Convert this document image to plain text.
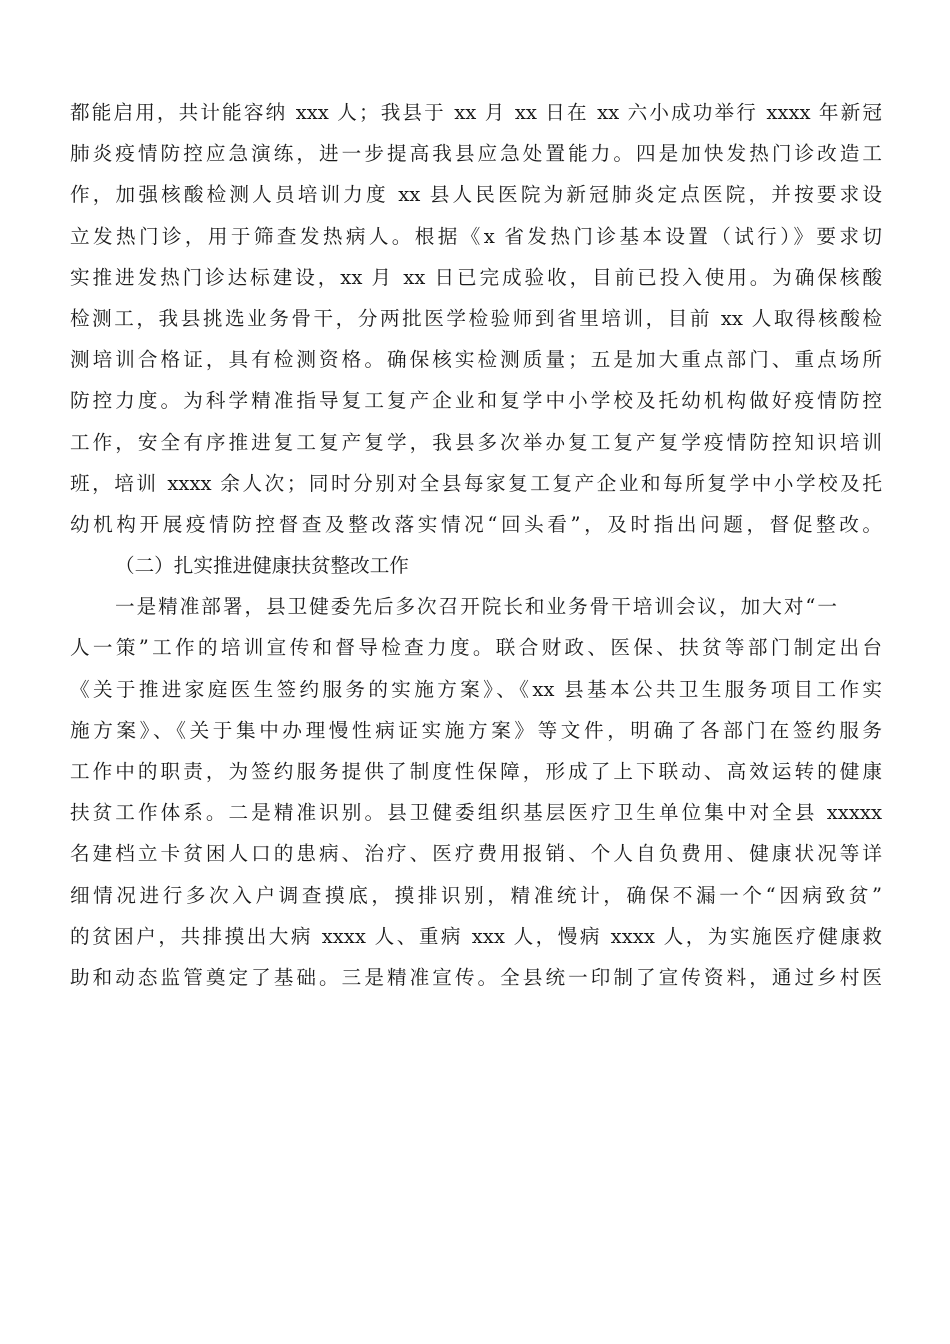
都能启用，共计能容纳 xxx 人；我县于 xx 月 xx 日在 xx 六小成功举行 xxxx 年新冠
肺炎疫情防控应急演练，进一步提高我县应急处置能力。四是加快发热门诊改造工
作，加强核酸检测人员培训力度 xx 县人民医院为新冠肺炎定点医院，并按要求设
立发热门诊，用于筛查发热病人。根据《x 省发热门诊基本设置（试行）》要求切
实推进发热门诊达标建设，xx 月 xx 日已完成验收，目前已投入使用。为确保核酸
检测工，我县挑选业务骨干，分两批医学检验师到省里培训，目前 xx 人取得核酸检
测培训合格证，具有检测资格。确保核实检测质量；五是加大重点部门、重点场所
防控力度。为科学精准指导复工复产企业和复学中小学校及托幼机构做好疫情防控
工作，安全有序推进复工复产复学，我县多次举办复工复产复学疫情防控知识培训
班，培训 xxxx 余人次；同时分别对全县每家复工复产企业和每所复学中小学校及托
幼机构开展疫情防控督查及整改落实情况“回头看”，及时指出问题，督促整改。
（二）扎实推进健康扶贫整改工作
一是精准部署，县卫健委先后多次召开院长和业务骨干培训会议，加大对“一
人一策”工作的培训宣传和督导检查力度。联合财政、医保、扶贫等部门制定出台
《关于推进家庭医生签约服务的实施方案》、《xx 县基本公共卫生服务项目工作实
施方案》、《关于集中办理慢性病证实施方案》等文件，明确了各部门在签约服务
工作中的职责，为签约服务提供了制度性保障，形成了上下联动、高效运转的健康
扶贫工作体系。二是精准识别。县卫健委组织基层医疗卫生单位集中对全县 xxxxx
名建档立卡贫困人口的患病、治疗、医疗费用报销、个人自负费用、健康状况等详
细情况进行多次入户调查摸底，摸排识别，精准统计，确保不漏一个“因病致贫”
的贫困户，共排摸出大病 xxxx 人、重病 xxx 人，慢病 xxxx 人，为实施医疗健康救
助和动态监管奠定了基础。三是精准宣传。全县统一印制了宣传资料，通过乡村医
